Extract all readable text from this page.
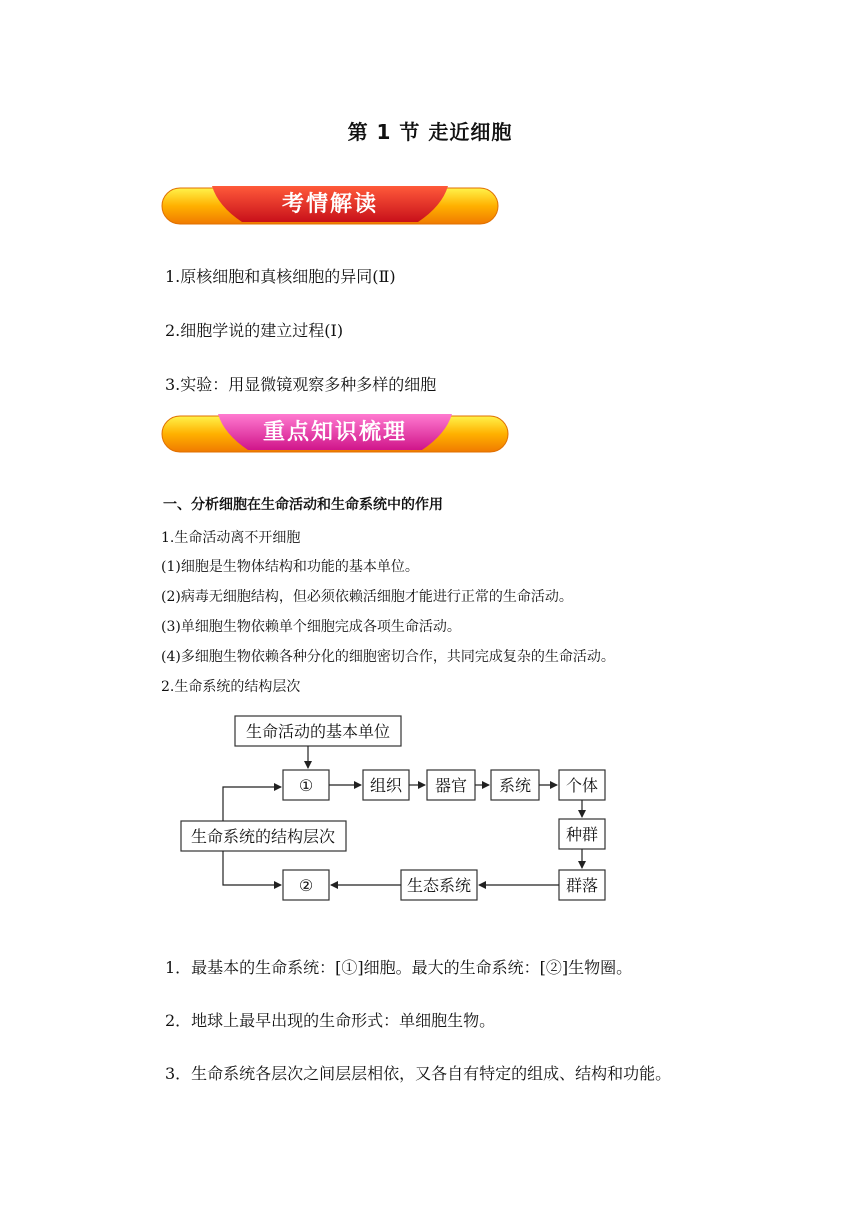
第 1 节 走近细胞
考情解读
1.原核细胞和真核细胞的异同(Ⅱ)
2.细胞学说的建立过程(Ⅰ)
3.实验：用显微镜观察多种多样的细胞
重点知识梳理
一、分析细胞在生命活动和生命系统中的作用
1.生命活动离不开细胞
(1)细胞是生物体结构和功能的基本单位。
(2)病毒无细胞结构，但必须依赖活细胞才能进行正常的生命活动。
(3)单细胞生物依赖单个细胞完成各项生命活动。
(4)多细胞生物依赖各种分化的细胞密切合作，共同完成复杂的生命活动。
2.生命系统的结构层次
生命活动的基本单位
①	组织 器官 系统 个体
生命系统的结构层次	种群
②	生态系统	群落
1．最基本的生命系统：[①]细胞。最大的生命系统：[②]生物圈。
2．地球上最早出现的生命形式：单细胞生物。
3．生命系统各层次之间层层相依，又各自有特定的组成、结构和功能。
